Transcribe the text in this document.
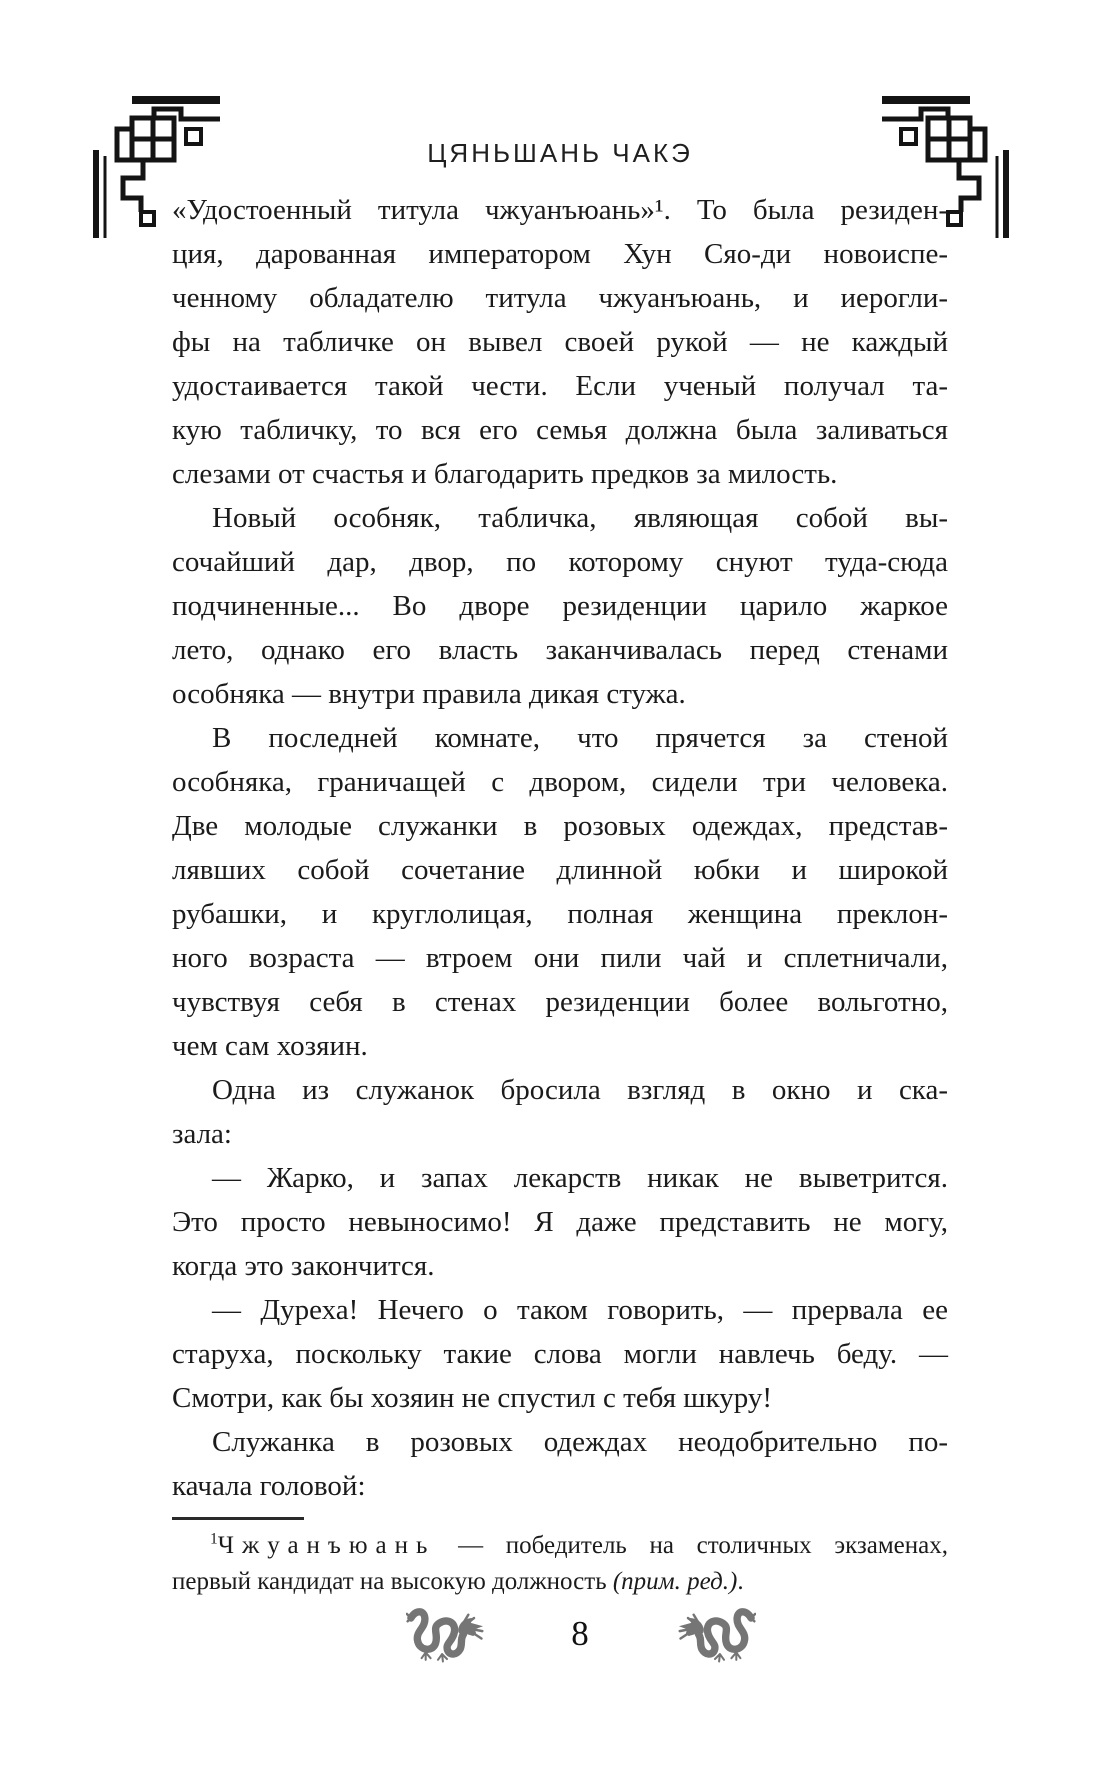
ЦЯНЬШАНЬ ЧАКЭ
«Удостоенный титула чжуанъюань»¹. То была резиден-
ция, дарованная императором Хун Сяо-ди новоиспе-
ченному обладателю титула чжуанъюань, и иерогли-
фы на табличке он вывел своей рукой — не каждый
удостаивается такой чести. Если ученый получал та-
кую табличку, то вся его семья должна была заливаться
слезами от счастья и благодарить предков за милость.
Новый особняк, табличка, являющая собой вы-
сочайший дар, двор, по которому снуют туда-сюда
подчиненные... Во дворе резиденции царило жаркое
лето, однако его власть заканчивалась перед стенами
особняка — внутри правила дикая стужа.
В последней комнате, что прячется за стеной
особняка, граничащей с двором, сидели три человека.
Две молодые служанки в розовых одеждах, представ-
лявших собой сочетание длинной юбки и широкой
рубашки, и круглолицая, полная женщина преклон-
ного возраста — втроем они пили чай и сплетничали,
чувствуя себя в стенах резиденции более вольготно,
чем сам хозяин.
Одна из служанок бросила взгляд в окно и ска-
зала:
— Жарко, и запах лекарств никак не выветрится.
Это просто невыносимо! Я даже представить не могу,
когда это закончится.
— Дуреха! Нечего о таком говорить, — прервала ее
старуха, поскольку такие слова могли навлечь беду. —
Смотри, как бы хозяин не спустил с тебя шкуру!
Служанка в розовых одеждах неодобрительно по-
качала головой:
$^1$Чжуанъюань — победитель на столичных экзаменах,
первый кандидат на высокую должность (прим. ред.).
8
